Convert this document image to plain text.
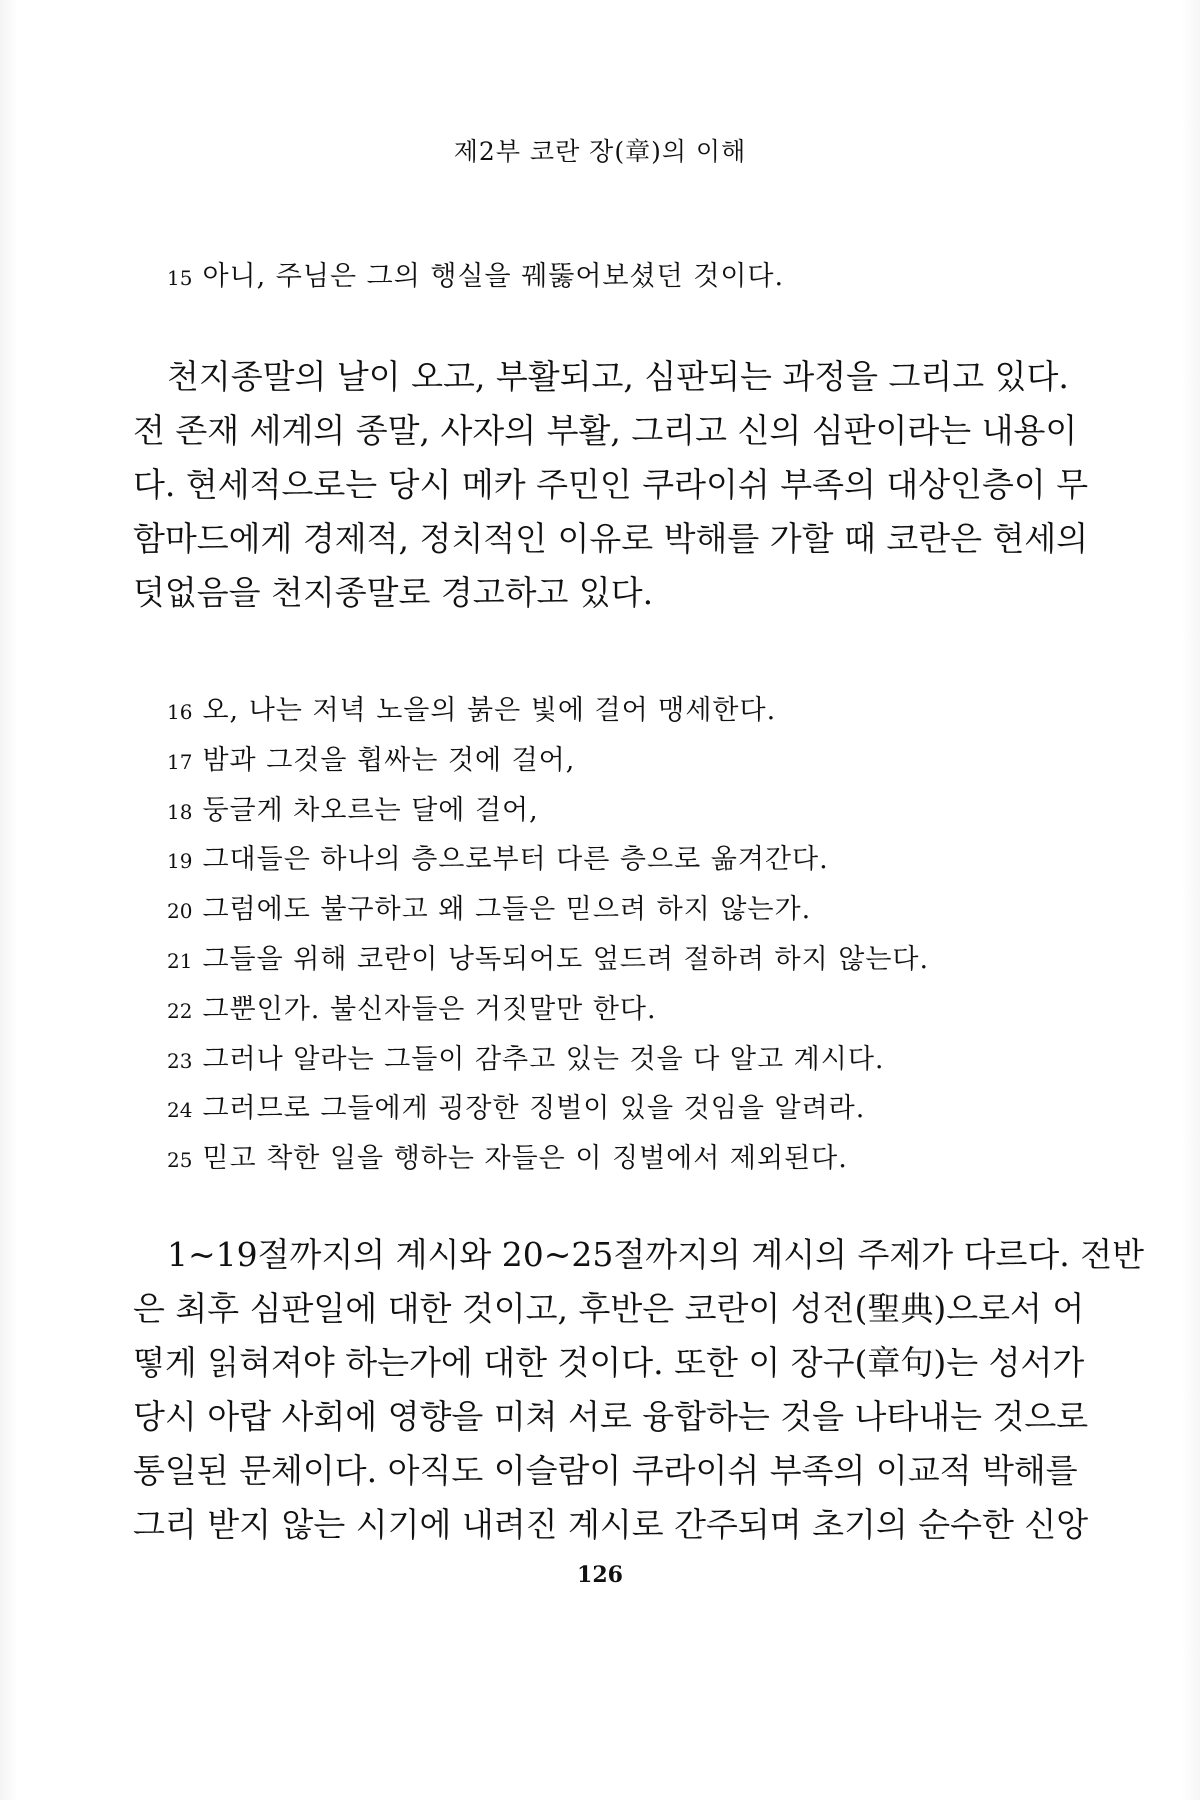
제2부 코란 장(章)의 이해
15 아니, 주님은 그의 행실을 꿰뚫어보셨던 것이다.
천지종말의 날이 오고, 부활되고, 심판되는 과정을 그리고 있다.
전 존재 세계의 종말, 사자의 부활, 그리고 신의 심판이라는 내용이
다. 현세적으로는 당시 메카 주민인 쿠라이쉬 부족의 대상인층이 무
함마드에게 경제적, 정치적인 이유로 박해를 가할 때 코란은 현세의
덧없음을 천지종말로 경고하고 있다.
16 오, 나는 저녁 노을의 붉은 빛에 걸어 맹세한다.
17 밤과 그것을 휩싸는 것에 걸어,
18 둥글게 차오르는 달에 걸어,
19 그대들은 하나의 층으로부터 다른 층으로 옮겨간다.
20 그럼에도 불구하고 왜 그들은 믿으려 하지 않는가.
21 그들을 위해 코란이 낭독되어도 엎드려 절하려 하지 않는다.
22 그뿐인가. 불신자들은 거짓말만 한다.
23 그러나 알라는 그들이 감추고 있는 것을 다 알고 계시다.
24 그러므로 그들에게 굉장한 징벌이 있을 것임을 알려라.
25 믿고 착한 일을 행하는 자들은 이 징벌에서 제외된다.
1~19절까지의 계시와 20~25절까지의 계시의 주제가 다르다. 전반
은 최후 심판일에 대한 것이고, 후반은 코란이 성전(聖典)으로서 어
떻게 읽혀져야 하는가에 대한 것이다. 또한 이 장구(章句)는 성서가
당시 아랍 사회에 영향을 미쳐 서로 융합하는 것을 나타내는 것으로
통일된 문체이다. 아직도 이슬람이 쿠라이쉬 부족의 이교적 박해를
그리 받지 않는 시기에 내려진 계시로 간주되며 초기의 순수한 신앙
126
